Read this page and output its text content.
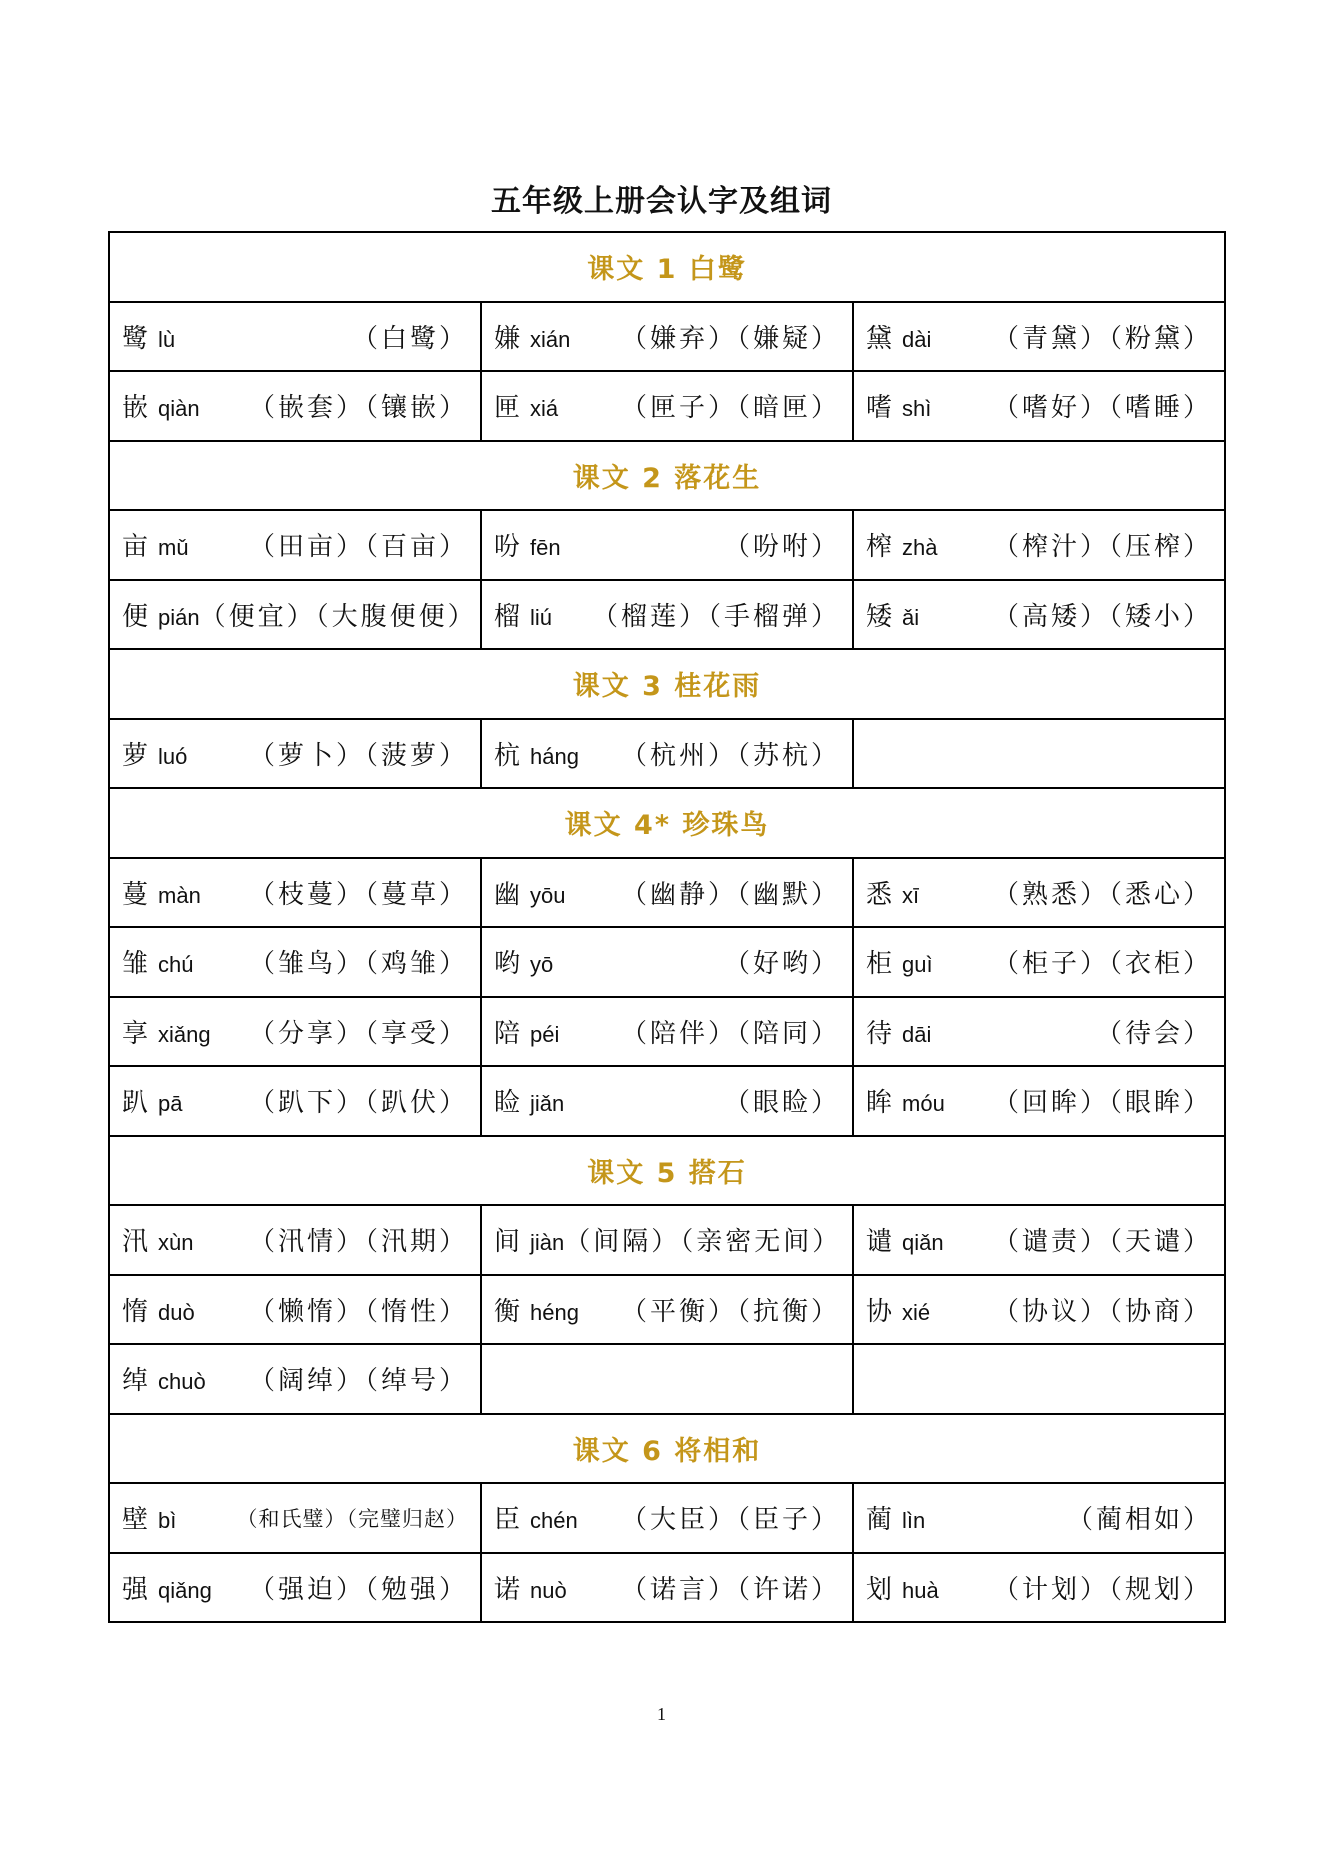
五年级上册会认字及组词
课文 1 白鹭		

鹭 lù （白鹭）	嫌 xián （嫌弃）（嫌疑）	黛 dài （青黛）（粉黛）

嵌 qiàn （嵌套）（镶嵌）	匣 xiá （匣子）（暗匣）	嗜 shì （嗜好）（嗜睡）

课文 2 落花生		

亩 mǔ （田亩）（百亩）	吩 fēn （吩咐）	榨 zhà （榨汁）（压榨）

便 pián （便宜）（大腹便便）	榴 liú （榴莲）（手榴弹）	矮 ǎi （高矮）（矮小）

课文 3 桂花雨		

萝 luó （萝卜）（菠萝）	杭 háng （杭州）（苏杭）	

课文 4* 珍珠鸟		

蔓 màn （枝蔓）（蔓草）	幽 yōu （幽静）（幽默）	悉 xī （熟悉）（悉心）

雏 chú （雏鸟）（鸡雏）	哟 yō （好哟）	柜 guì （柜子）（衣柜）

享 xiǎng （分享）（享受）	陪 péi （陪伴）（陪同）	待 dāi （待会）

趴 pā （趴下）（趴伏）	睑 jiǎn （眼睑）	眸 móu （回眸）（眼眸）

课文 5 搭石		

汛 xùn （汛情）（汛期）	间 jiàn （间隔）（亲密无间）	谴 qiǎn （谴责）（天谴）

惰 duò （懒惰）（惰性）	衡 héng （平衡）（抗衡）	协 xié （协议）（协商）

绰 chuò （阔绰）（绰号）		

课文 6 将相和		

壁 bì （和氏璧）（完璧归赵）	臣 chén （大臣）（臣子）	蔺 lìn （蔺相如）

强 qiǎng （强迫）（勉强）	诺 nuò （诺言）（许诺）	划 huà （计划）（规划）
1
